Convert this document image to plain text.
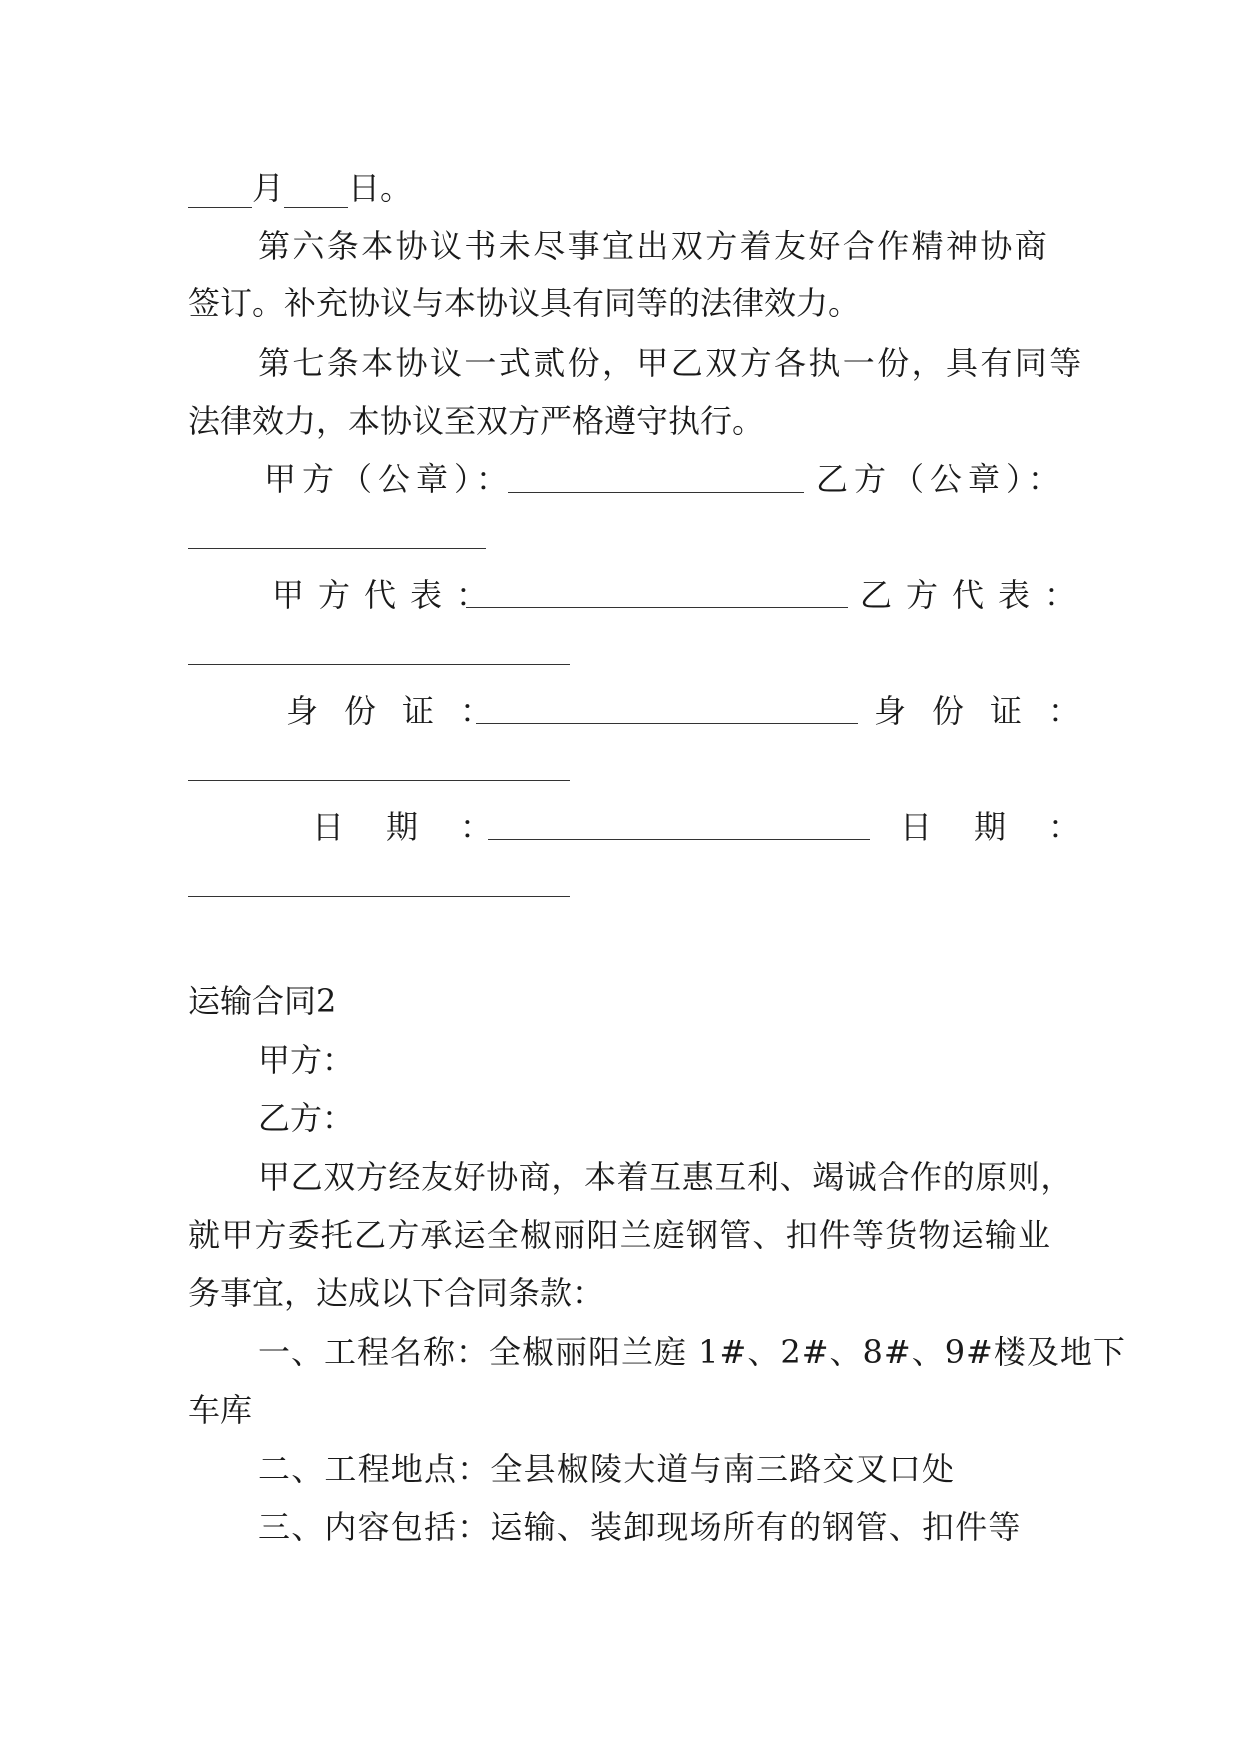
月 日。
第六条本协议书未尽事宜出双方着友好合作精神协商
签订。补充协议与本协议具有同等的法律效力。
第七条本协议一式贰份，甲乙双方各执一份，具有同等
法律效力，本协议至双方严格遵守执行。
甲方（公章）：	乙方（公章）：
甲方代表：	乙方代表：
身份证：	身份证：
日期：	日期：
运输合同2
甲方：
乙方：
甲乙双方经友好协商，本着互惠互利、竭诚合作的原则，
就甲方委托乙方承运全椒丽阳兰庭钢管、扣件等货物运输业
务事宜，达成以下合同条款：
一、工程名称：全椒丽阳兰庭 1#、2#、8#、9#楼及地下
车库
二、工程地点：全县椒陵大道与南三路交叉口处
三、内容包括：运输、装卸现场所有的钢管、扣件等
